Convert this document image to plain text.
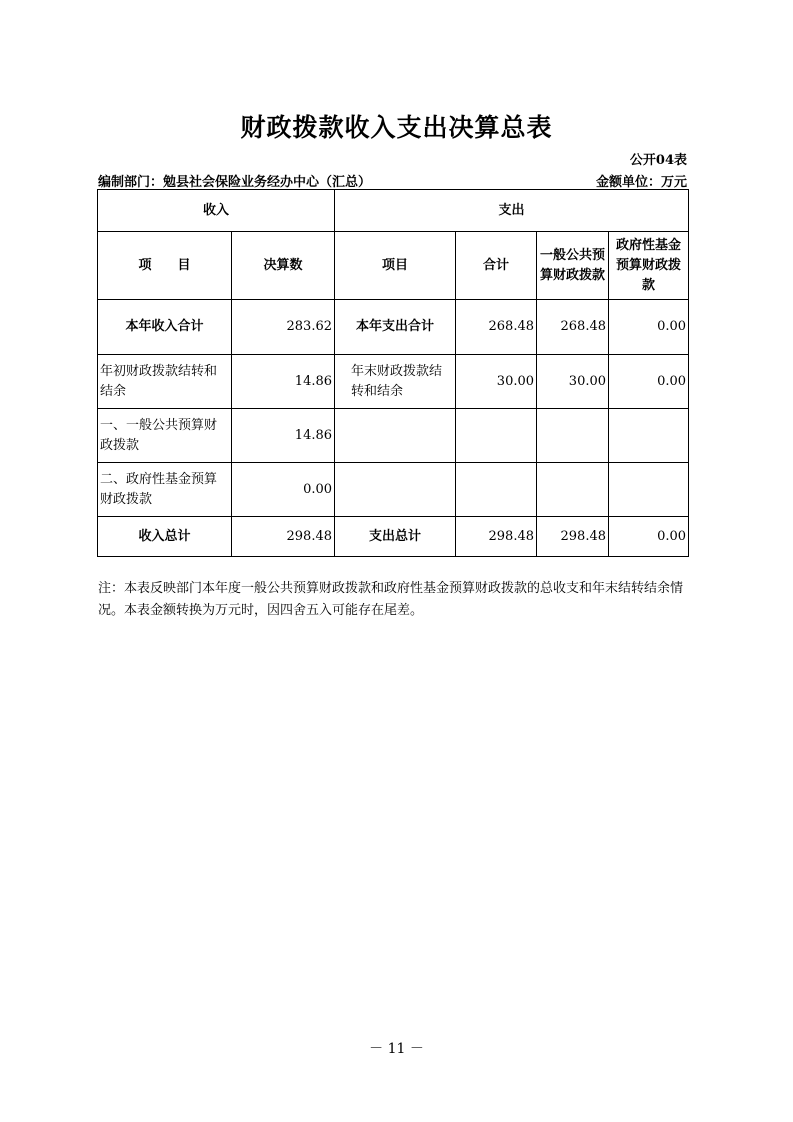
财政拨款收入支出决算总表
公开04表
编制部门：勉县社会保险业务经办中心（汇总）	金额单位：万元
收入		支出			
项　　目	决算数	项目	合计	一般公共预算财政拨款	政府性基金预算财政拨款
本年收入合计	283.62	本年支出合计	268.48	268.48	0.00
年初财政拨款结转和结余	14.86	年末财政拨款结转和结余	30.00	30.00	0.00
一、一般公共预算财政拨款	14.86				
二、政府性基金预算财政拨款	0.00				
收入总计	298.48	支出总计	298.48	298.48	0.00
注：本表反映部门本年度一般公共预算财政拨款和政府性基金预算财政拨款的总收支和年末结转结余情况。本表金额转换为万元时，因四舍五入可能存在尾差。
－ 11 －
